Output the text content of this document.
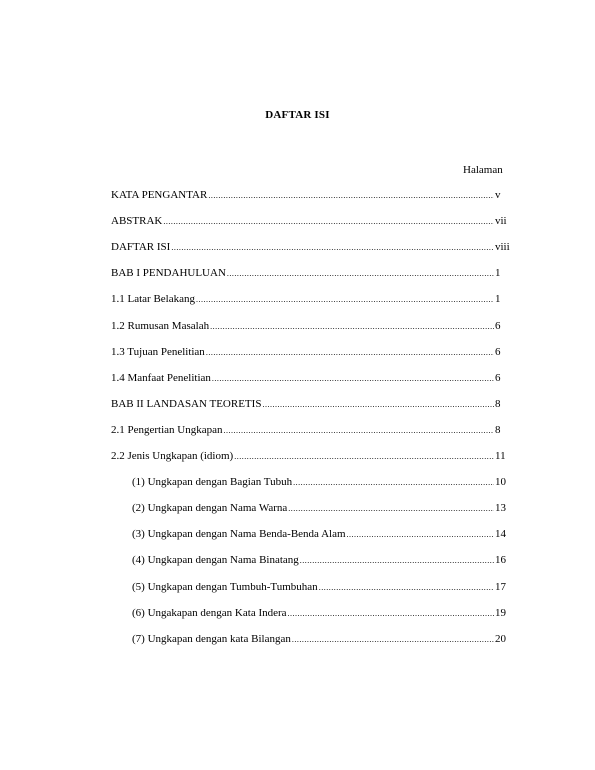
DAFTAR ISI
Halaman
KATA PENGANTAR .....	v
ABSTRAK .....	vii
DAFTAR ISI .....	viii
BAB I PENDAHULUAN .....	1
1.1 Latar Belakang .....	1
1.2 Rumusan Masalah .....	6
1.3 Tujuan Penelitian .....	6
1.4 Manfaat Penelitian .....	6
BAB II LANDASAN TEORETIS .....	8
2.1 Pengertian Ungkapan .....	8
2.2 Jenis Ungkapan (idiom) .....	11
(1) Ungkapan dengan Bagian Tubuh .....	10
(2) Ungkapan dengan Nama Warna .....	13
(3) Ungkapan dengan Nama Benda-Benda Alam .....	14
(4) Ungkapan dengan Nama Binatang .....	16
(5) Ungkapan dengan Tumbuh-Tumbuhan .....	17
(6) Ungakapan dengan Kata Indera .....	19
(7) Ungkapan dengan kata Bilangan .....	20
